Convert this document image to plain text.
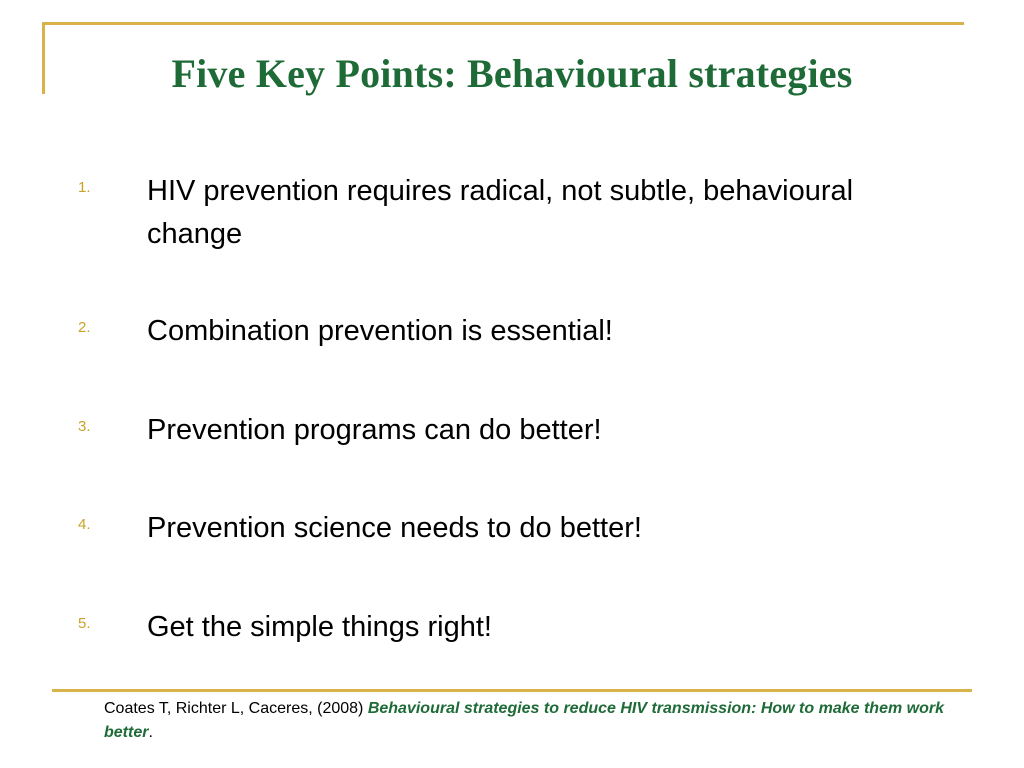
Five Key Points: Behavioural strategies
1. HIV prevention requires radical, not subtle, behavioural change
2. Combination prevention is essential!
3. Prevention programs can do better!
4. Prevention science needs to do better!
5. Get the simple things right!
Coates T, Richter L, Caceres, (2008) Behavioural strategies to reduce HIV transmission: How to make them work better.
